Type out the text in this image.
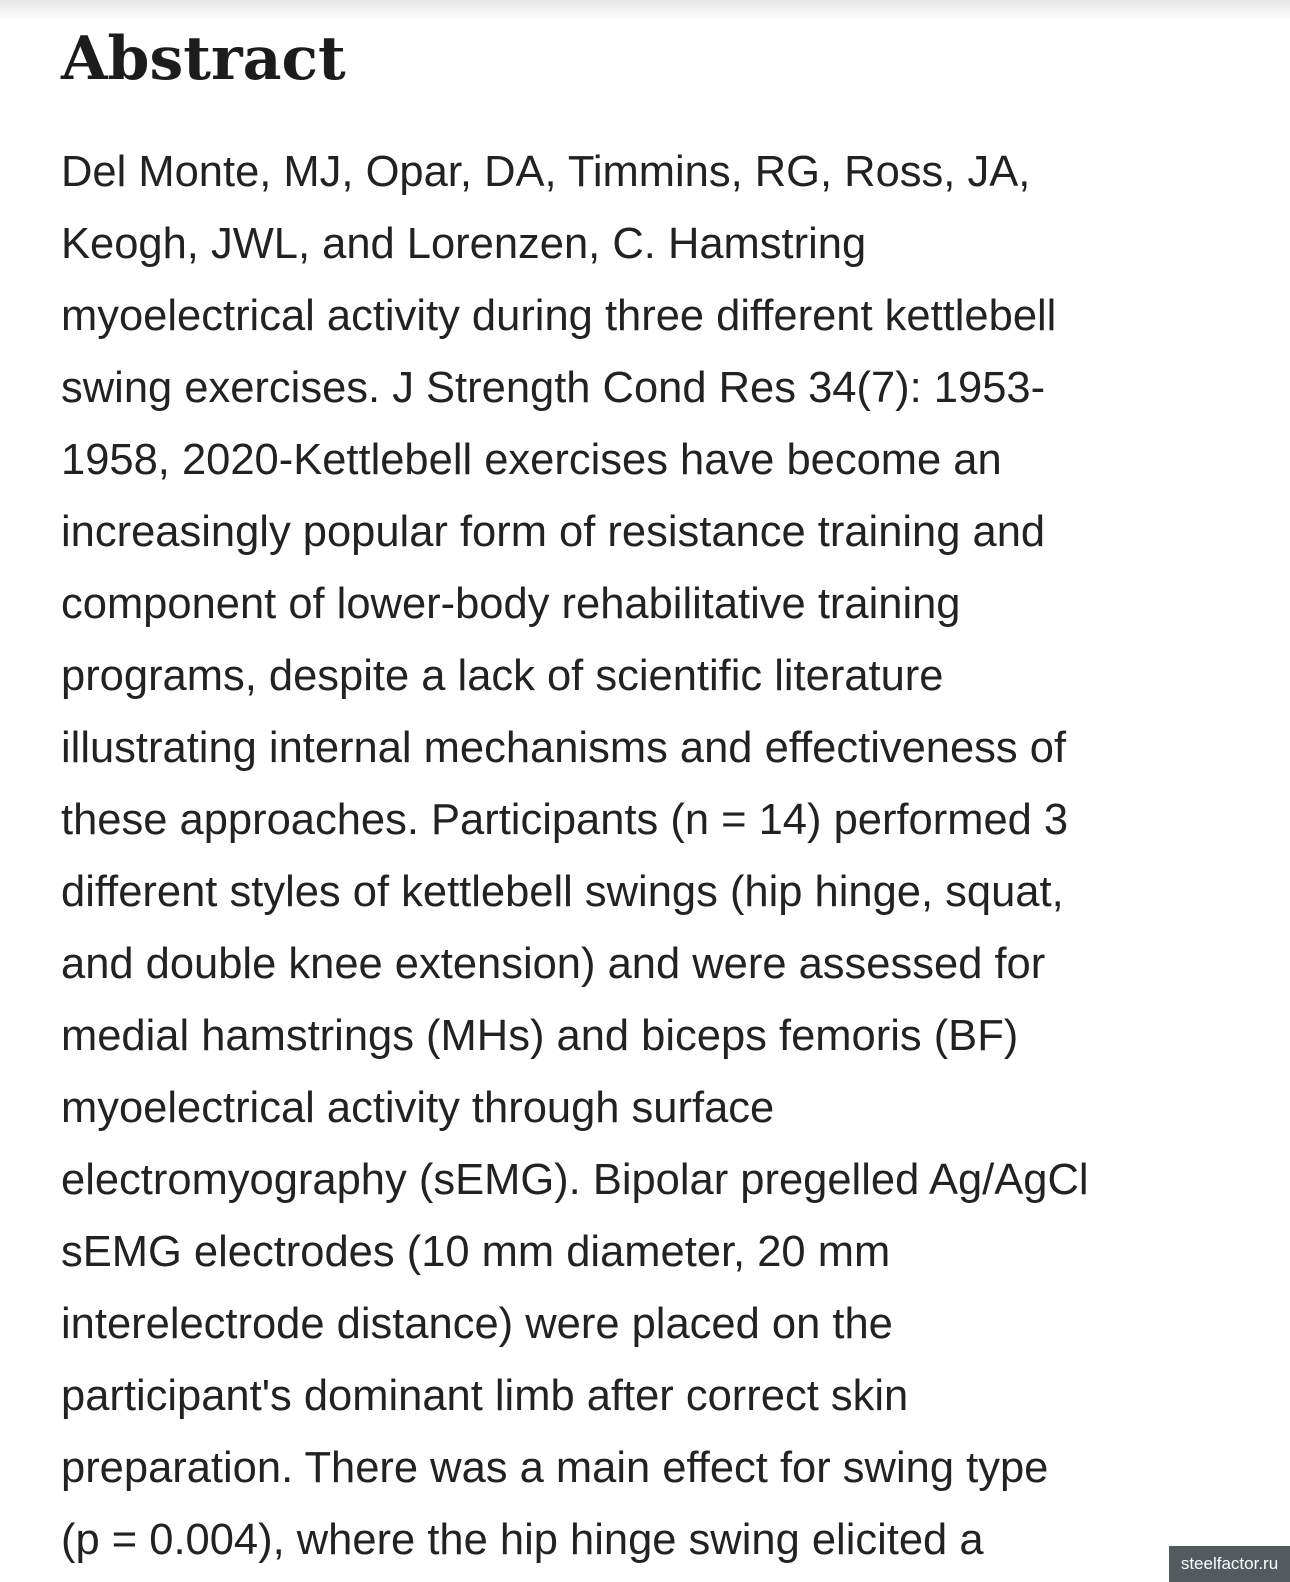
Abstract
Del Monte, MJ, Opar, DA, Timmins, RG, Ross, JA,
Keogh, JWL, and Lorenzen, C. Hamstring
myoelectrical activity during three different kettlebell
swing exercises. J Strength Cond Res 34(7): 1953-
1958, 2020-Kettlebell exercises have become an
increasingly popular form of resistance training and
component of lower-body rehabilitative training
programs, despite a lack of scientific literature
illustrating internal mechanisms and effectiveness of
these approaches. Participants (n = 14) performed 3
different styles of kettlebell swings (hip hinge, squat,
and double knee extension) and were assessed for
medial hamstrings (MHs) and biceps femoris (BF)
myoelectrical activity through surface
electromyography (sEMG). Bipolar pregelled Ag/AgCl
sEMG electrodes (10 mm diameter, 20 mm
interelectrode distance) were placed on the
participant's dominant limb after correct skin
preparation. There was a main effect for swing type
(p = 0.004), where the hip hinge swing elicited a	steelfactor.ru
